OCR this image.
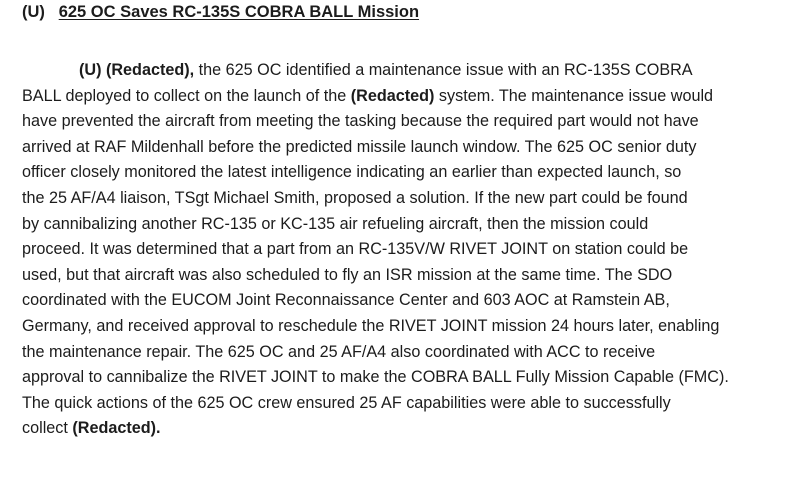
(U) 625 OC Saves RC-135S COBRA BALL Mission
(U) (Redacted), the 625 OC identified a maintenance issue with an RC-135S COBRA
BALL deployed to collect on the launch of the (Redacted) system. The maintenance issue would
have prevented the aircraft from meeting the tasking because the required part would not have
arrived at RAF Mildenhall before the predicted missile launch window. The 625 OC senior duty
officer closely monitored the latest intelligence indicating an earlier than expected launch, so
the 25 AF/A4 liaison, TSgt Michael Smith, proposed a solution. If the new part could be found
by cannibalizing another RC-135 or KC-135 air refueling aircraft, then the mission could
proceed. It was determined that a part from an RC-135V/W RIVET JOINT on station could be
used, but that aircraft was also scheduled to fly an ISR mission at the same time. The SDO
coordinated with the EUCOM Joint Reconnaissance Center and 603 AOC at Ramstein AB,
Germany, and received approval to reschedule the RIVET JOINT mission 24 hours later, enabling
the maintenance repair. The 625 OC and 25 AF/A4 also coordinated with ACC to receive
approval to cannibalize the RIVET JOINT to make the COBRA BALL Fully Mission Capable (FMC).
The quick actions of the 625 OC crew ensured 25 AF capabilities were able to successfully
collect (Redacted).
